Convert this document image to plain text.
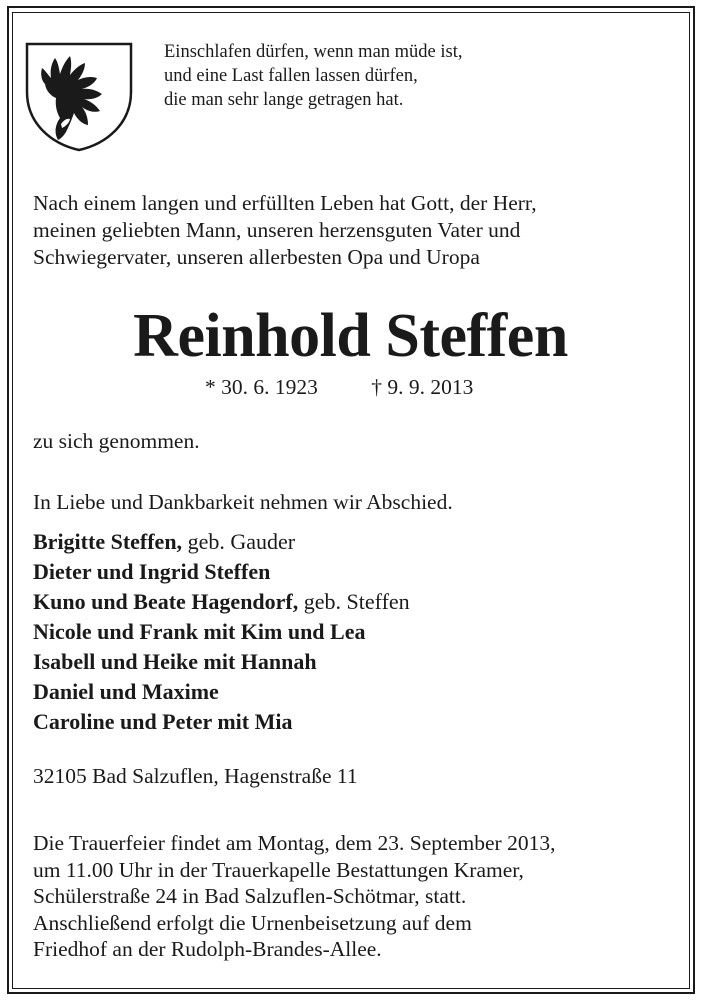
Einschlafen dürfen, wenn man müde ist,
und eine Last fallen lassen dürfen,
die man sehr lange getragen hat.
Nach einem langen und erfüllten Leben hat Gott, der Herr,
meinen geliebten Mann, unseren herzensguten Vater und
Schwiegervater, unseren allerbesten Opa und Uropa
Reinhold Steffen
* 30. 6. 1923 † 9. 9. 2013
zu sich genommen.
In Liebe und Dankbarkeit nehmen wir Abschied.
Brigitte Steffen, geb. Gauder
Dieter und Ingrid Steffen
Kuno und Beate Hagendorf, geb. Steffen
Nicole und Frank mit Kim und Lea
Isabell und Heike mit Hannah
Daniel und Maxime
Caroline und Peter mit Mia
32105 Bad Salzuflen, Hagenstraße 11
Die Trauerfeier findet am Montag, dem 23. September 2013,
um 11.00 Uhr in der Trauerkapelle Bestattungen Kramer,
Schülerstraße 24 in Bad Salzuflen-Schötmar, statt.
Anschließend erfolgt die Urnenbeisetzung auf dem
Friedhof an der Rudolph-Brandes-Allee.
